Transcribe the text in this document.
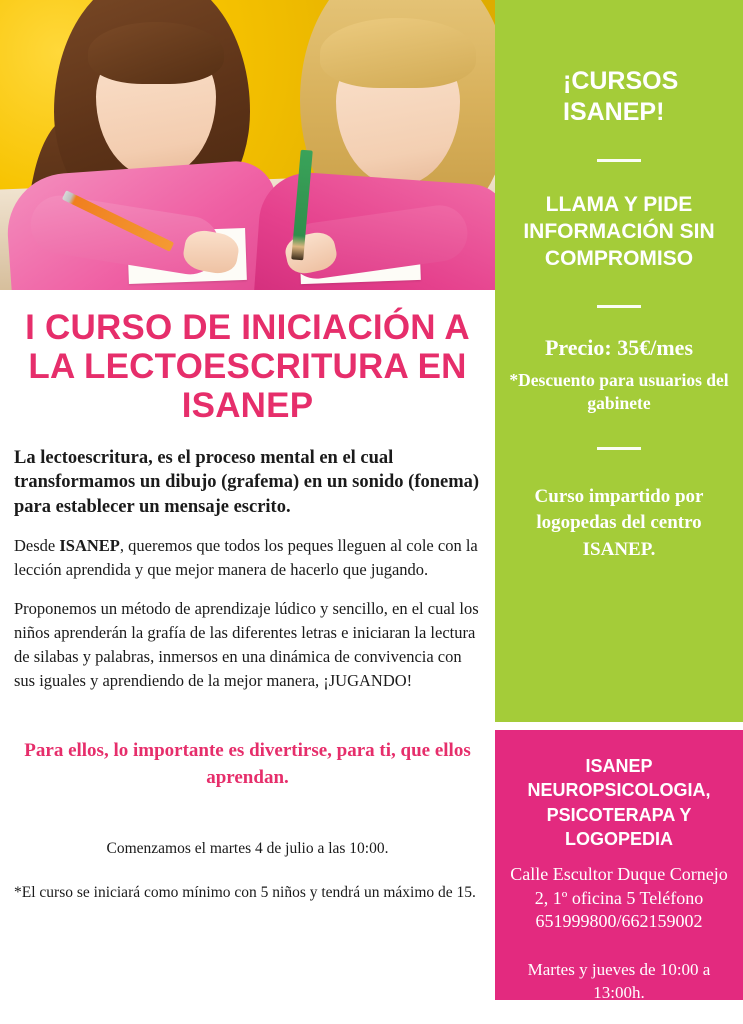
I CURSO DE INICIACIÓN A LA LECTOESCRITURA EN ISANEP

La lectoescritura, es el proceso mental en el cual transformamos un dibujo (grafema) en un sonido (fonema) para establecer un mensaje escrito.

Desde ISANEP, queremos que todos los peques lleguen al cole con la lección aprendida y que mejor manera de hacerlo que jugando.

Proponemos un método de aprendizaje lúdico y sencillo, en el cual los niños aprenderán la grafía de las diferentes letras e iniciaran la lectura de silabas y palabras, inmersos en una dinámica de convivencia con sus iguales y aprendiendo de la mejor manera, ¡JUGANDO!

Para ellos, lo importante es divertirse, para ti, que ellos aprendan.

Comenzamos el martes 4 de julio a las 10:00.

*El curso se iniciará como mínimo con 5 niños y tendrá un máximo de 15.

¡CURSOS ISANEP!

LLAMA Y PIDE INFORMACIÓN SIN COMPROMISO

Precio: 35€/mes

*Descuento para usuarios del gabinete

Curso impartido por logopedas del centro ISANEP.

ISANEP NEUROPSICOLOGIA, PSICOTERAPA Y LOGOPEDIA

Calle Escultor Duque Cornejo 2, 1º oficina 5 Teléfono 651999800/662159002

Martes y jueves de 10:00 a 13:00h.
